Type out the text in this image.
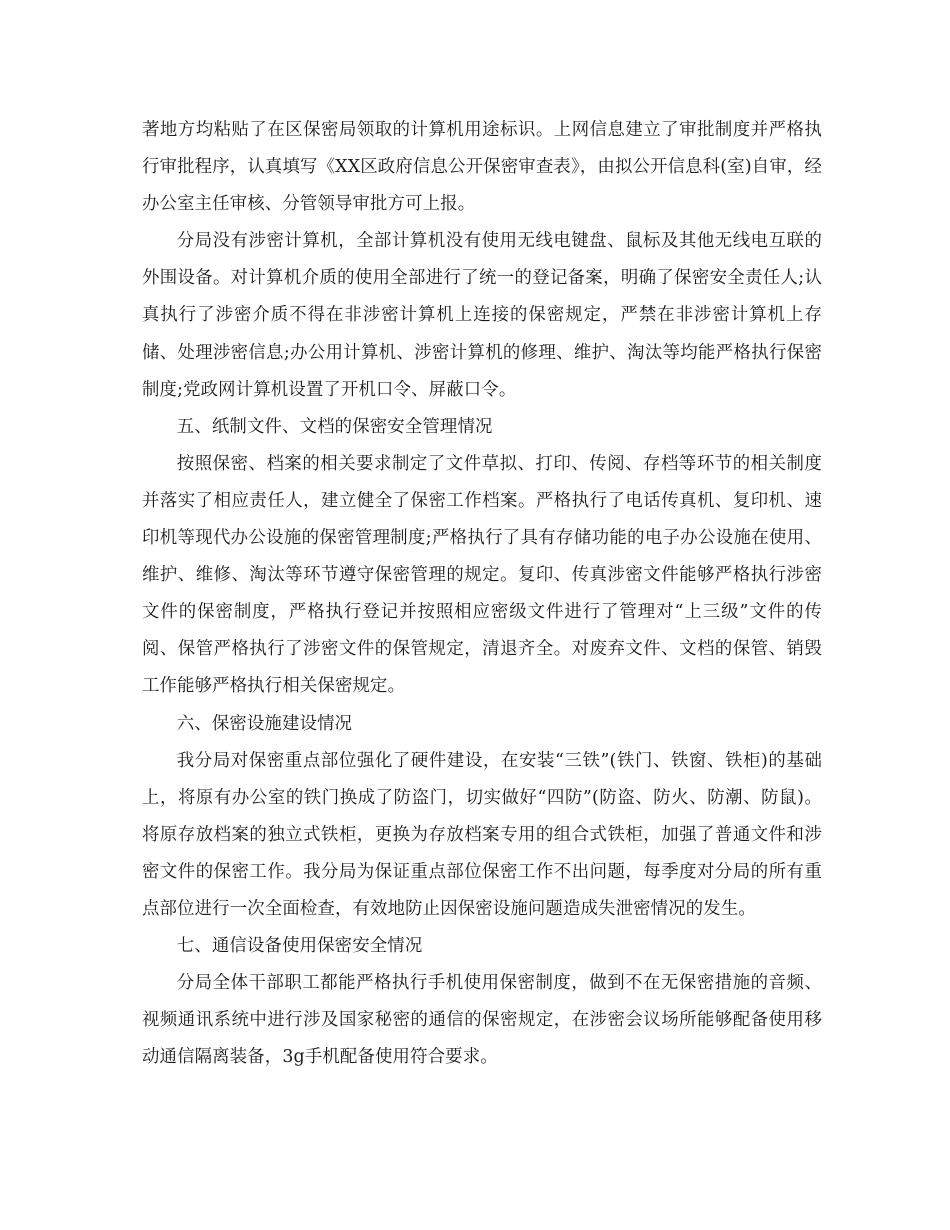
著地方均粘贴了在区保密局领取的计算机用途标识。上网信息建立了审批制度并严格执行审批程序，认真填写《XX区政府信息公开保密审查表》，由拟公开信息科(室)自审，经办公室主任审核、分管领导审批方可上报。

分局没有涉密计算机，全部计算机没有使用无线电键盘、鼠标及其他无线电互联的外围设备。对计算机介质的使用全部进行了统一的登记备案，明确了保密安全责任人;认真执行了涉密介质不得在非涉密计算机上连接的保密规定，严禁在非涉密计算机上存储、处理涉密信息;办公用计算机、涉密计算机的修理、维护、淘汰等均能严格执行保密制度;党政网计算机设置了开机口令、屏蔽口令。

五、纸制文件、文档的保密安全管理情况

按照保密、档案的相关要求制定了文件草拟、打印、传阅、存档等环节的相关制度并落实了相应责任人，建立健全了保密工作档案。严格执行了电话传真机、复印机、速印机等现代办公设施的保密管理制度;严格执行了具有存储功能的电子办公设施在使用、维护、维修、淘汰等环节遵守保密管理的规定。复印、传真涉密文件能够严格执行涉密文件的保密制度，严格执行登记并按照相应密级文件进行了管理对“上三级”文件的传阅、保管严格执行了涉密文件的保管规定，清退齐全。对废弃文件、文档的保管、销毁工作能够严格执行相关保密规定。

六、保密设施建设情况

我分局对保密重点部位强化了硬件建设，在安装“三铁”(铁门、铁窗、铁柜)的基础上，将原有办公室的铁门换成了防盗门，切实做好“四防”(防盗、防火、防潮、防鼠)。将原存放档案的独立式铁柜，更换为存放档案专用的组合式铁柜，加强了普通文件和涉密文件的保密工作。我分局为保证重点部位保密工作不出问题，每季度对分局的所有重点部位进行一次全面检查，有效地防止因保密设施问题造成失泄密情况的发生。

七、通信设备使用保密安全情况

分局全体干部职工都能严格执行手机使用保密制度，做到不在无保密措施的音频、视频通讯系统中进行涉及国家秘密的通信的保密规定，在涉密会议场所能够配备使用移动通信隔离装备，3g手机配备使用符合要求。
